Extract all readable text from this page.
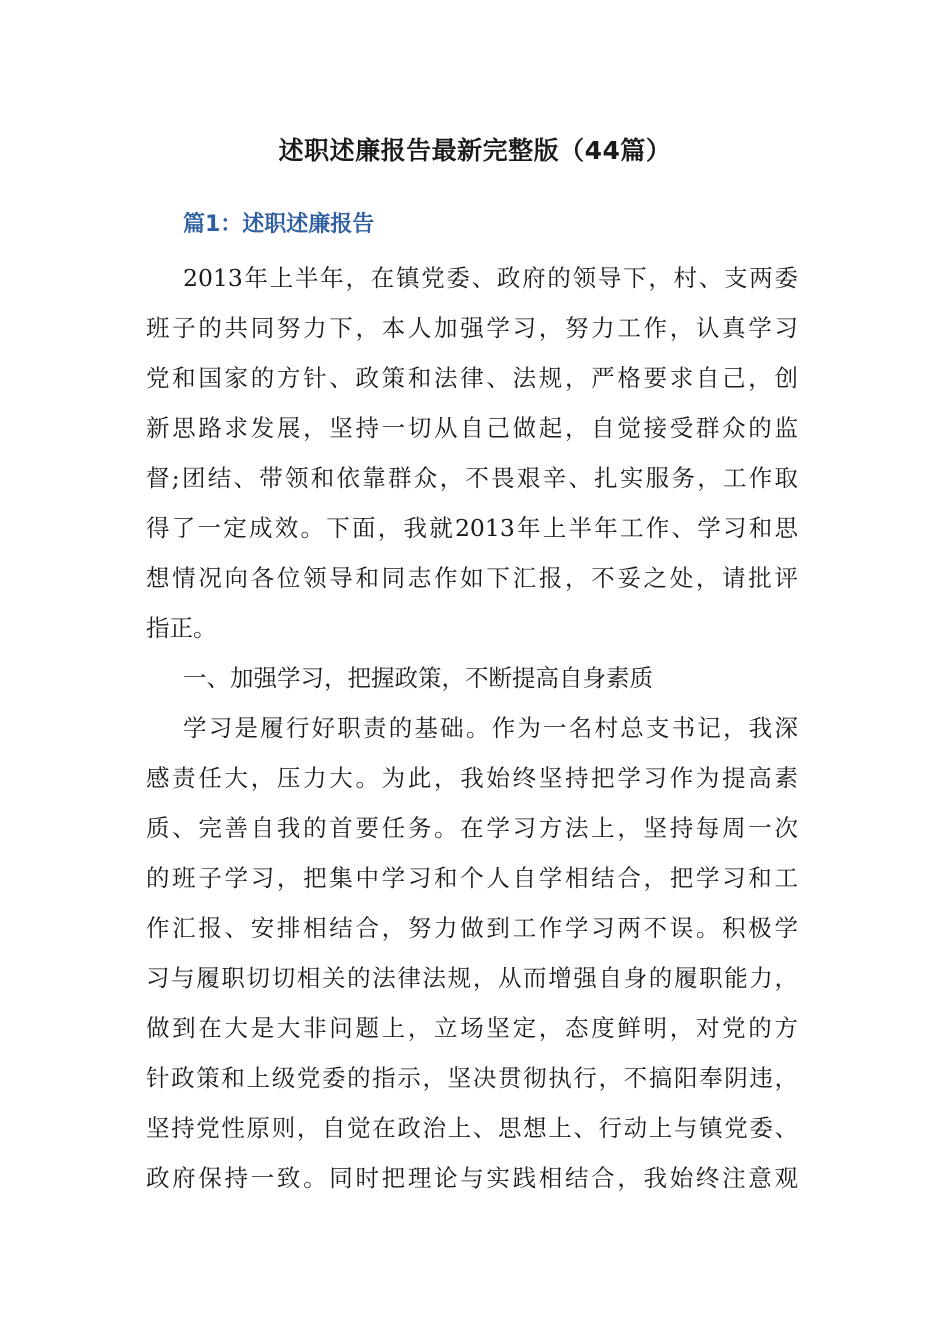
述职述廉报告最新完整版（44篇）
篇1：述职述廉报告
2013年上半年，在镇党委、政府的领导下，村、支两委
班子的共同努力下，本人加强学习，努力工作，认真学习
党和国家的方针、政策和法律、法规，严格要求自己，创
新思路求发展，坚持一切从自己做起，自觉接受群众的监
督;团结、带领和依靠群众，不畏艰辛、扎实服务，工作取
得了一定成效。下面，我就2013年上半年工作、学习和思
想情况向各位领导和同志作如下汇报，不妥之处，请批评
指正。
一、加强学习，把握政策，不断提高自身素质
学习是履行好职责的基础。作为一名村总支书记，我深
感责任大，压力大。为此，我始终坚持把学习作为提高素
质、完善自我的首要任务。在学习方法上，坚持每周一次
的班子学习，把集中学习和个人自学相结合，把学习和工
作汇报、安排相结合，努力做到工作学习两不误。积极学
习与履职切切相关的法律法规，从而增强自身的履职能力，
做到在大是大非问题上，立场坚定，态度鲜明，对党的方
针政策和上级党委的指示，坚决贯彻执行，不搞阳奉阴违，
坚持党性原则，自觉在政治上、思想上、行动上与镇党委、
政府保持一致。同时把理论与实践相结合，我始终注意观
